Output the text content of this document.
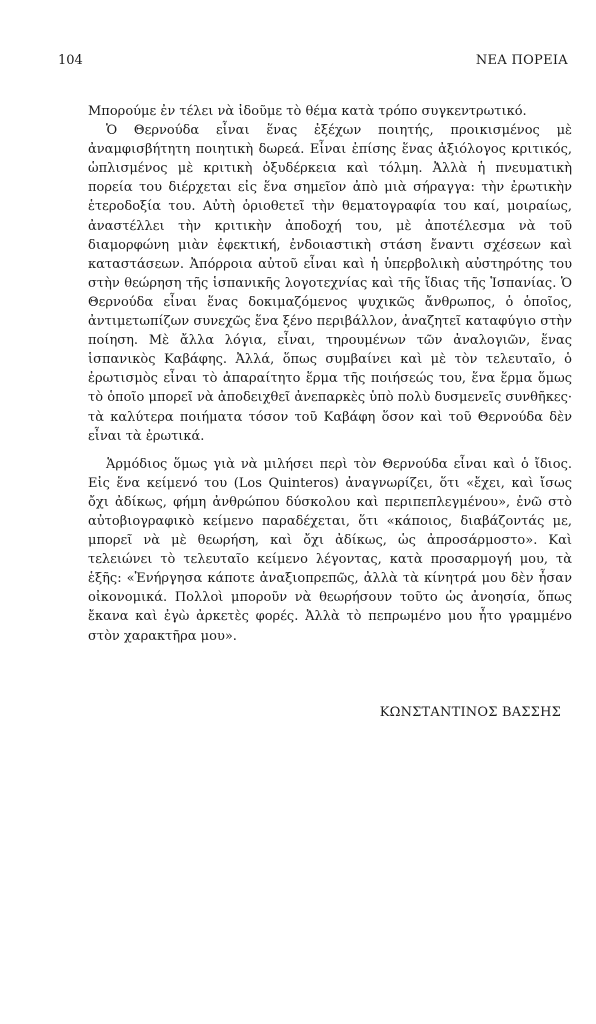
104	ΝΕΑ ΠΟΡΕΙΑ

Μπορούμε ἐν τέλει νὰ ἰδοῦμε τὸ θέμα κατὰ τρόπο συγκεντρωτικό.

Ὁ Θερνούδα εἶναι ἕνας ἐξέχων ποιητής, προικισμένος μὲ ἀναμφισβήτητη ποιητικὴ δωρεά. Εἶναι ἐπίσης ἕνας ἀξιόλογος κριτικός, ὡπλισμένος μὲ κριτικὴ ὀξυδέρκεια καὶ τόλμη. Ἀλλὰ ἡ πνευματικὴ πορεία του διέρχεται εἰς ἕνα σημεῖον ἀπὸ μιὰ σήραγγα: τὴν ἐρωτικὴν ἑτεροδοξία του. Αὐτὴ ὁριοθετεῖ τὴν θεματογραφία του καί, μοιραίως, ἀναστέλλει τὴν κριτικὴν ἀποδοχή του, μὲ ἀποτέλεσμα νὰ τοῦ διαμορφώνη μιὰν ἐφεκτική, ἐνδοιαστικὴ στάση ἔναντι σχέσεων καὶ καταστάσεων. Ἀπόρροια αὐτοῦ εἶναι καὶ ἡ ὑπερβολικὴ αὐστηρότης του στὴν θεώρηση τῆς ἱσπανικῆς λογοτεχνίας καὶ τῆς ἴδιας τῆς Ἱσπανίας. Ὁ Θερνούδα εἶναι ἕνας δοκιμαζόμενος ψυχικῶς ἄνθρωπος, ὁ ὁποῖος, ἀντιμετωπίζων συνεχῶς ἕνα ξένο περιβάλλον, ἀναζητεῖ καταφύγιο στὴν ποίηση. Μὲ ἄλλα λόγια, εἶναι, τηρουμένων τῶν ἀναλογιῶν, ἕνας ἱσπανικὸς Καβάφης. Ἀλλά, ὅπως συμβαίνει καὶ μὲ τὸν τελευταῖο, ὁ ἐρωτισμὸς εἶναι τὸ ἀπαραίτητο ἕρμα τῆς ποιήσεώς του, ἕνα ἕρμα ὅμως τὸ ὁποῖο μπορεῖ νὰ ἀποδειχθεῖ ἀνεπαρκὲς ὑπὸ πολὺ δυσμενεῖς συνθῆκες· τὰ καλύτερα ποιήματα τόσον τοῦ Καβάφη ὅσον καὶ τοῦ Θερνούδα δὲν εἶναι τὰ ἐρωτικά.

Ἁρμόδιος ὅμως γιὰ νὰ μιλήσει περὶ τὸν Θερνούδα εἶναι καὶ ὁ ἴδιος. Εἰς ἕνα κείμενό του (Los Quinteros) ἀναγνωρίζει, ὅτι «ἔχει, καὶ ἴσως ὄχι ἀδίκως, φήμη ἀνθρώπου δύσκολου καὶ περιπεπλεγμένου», ἐνῶ στὸ αὐτοβιογραφικὸ κείμενο παραδέχεται, ὅτι «κάποιος, διαβάζοντάς με, μπορεῖ νὰ μὲ θεωρήση, καὶ ὄχι ἀδίκως, ὡς ἀπροσάρμοστο». Καὶ τελειώνει τὸ τελευταῖο κείμενο λέγοντας, κατὰ προσαρμογή μου, τὰ ἑξῆς: «Ἐνήργησα κάποτε ἀναξιοπρεπῶς, ἀλλὰ τὰ κίνητρά μου δὲν ἦσαν οἰκονομικά. Πολλοὶ μποροῦν νὰ θεωρήσουν τοῦτο ὡς ἀνοησία, ὅπως ἔκανα καὶ ἐγὼ ἀρκετὲς φορές. Ἀλλὰ τὸ πεπρωμένο μου ἦτο γραμμένο στὸν χαρακτῆρα μου».

ΚΩΝΣΤΑΝΤΙΝΟΣ ΒΑΣΣΗΣ
